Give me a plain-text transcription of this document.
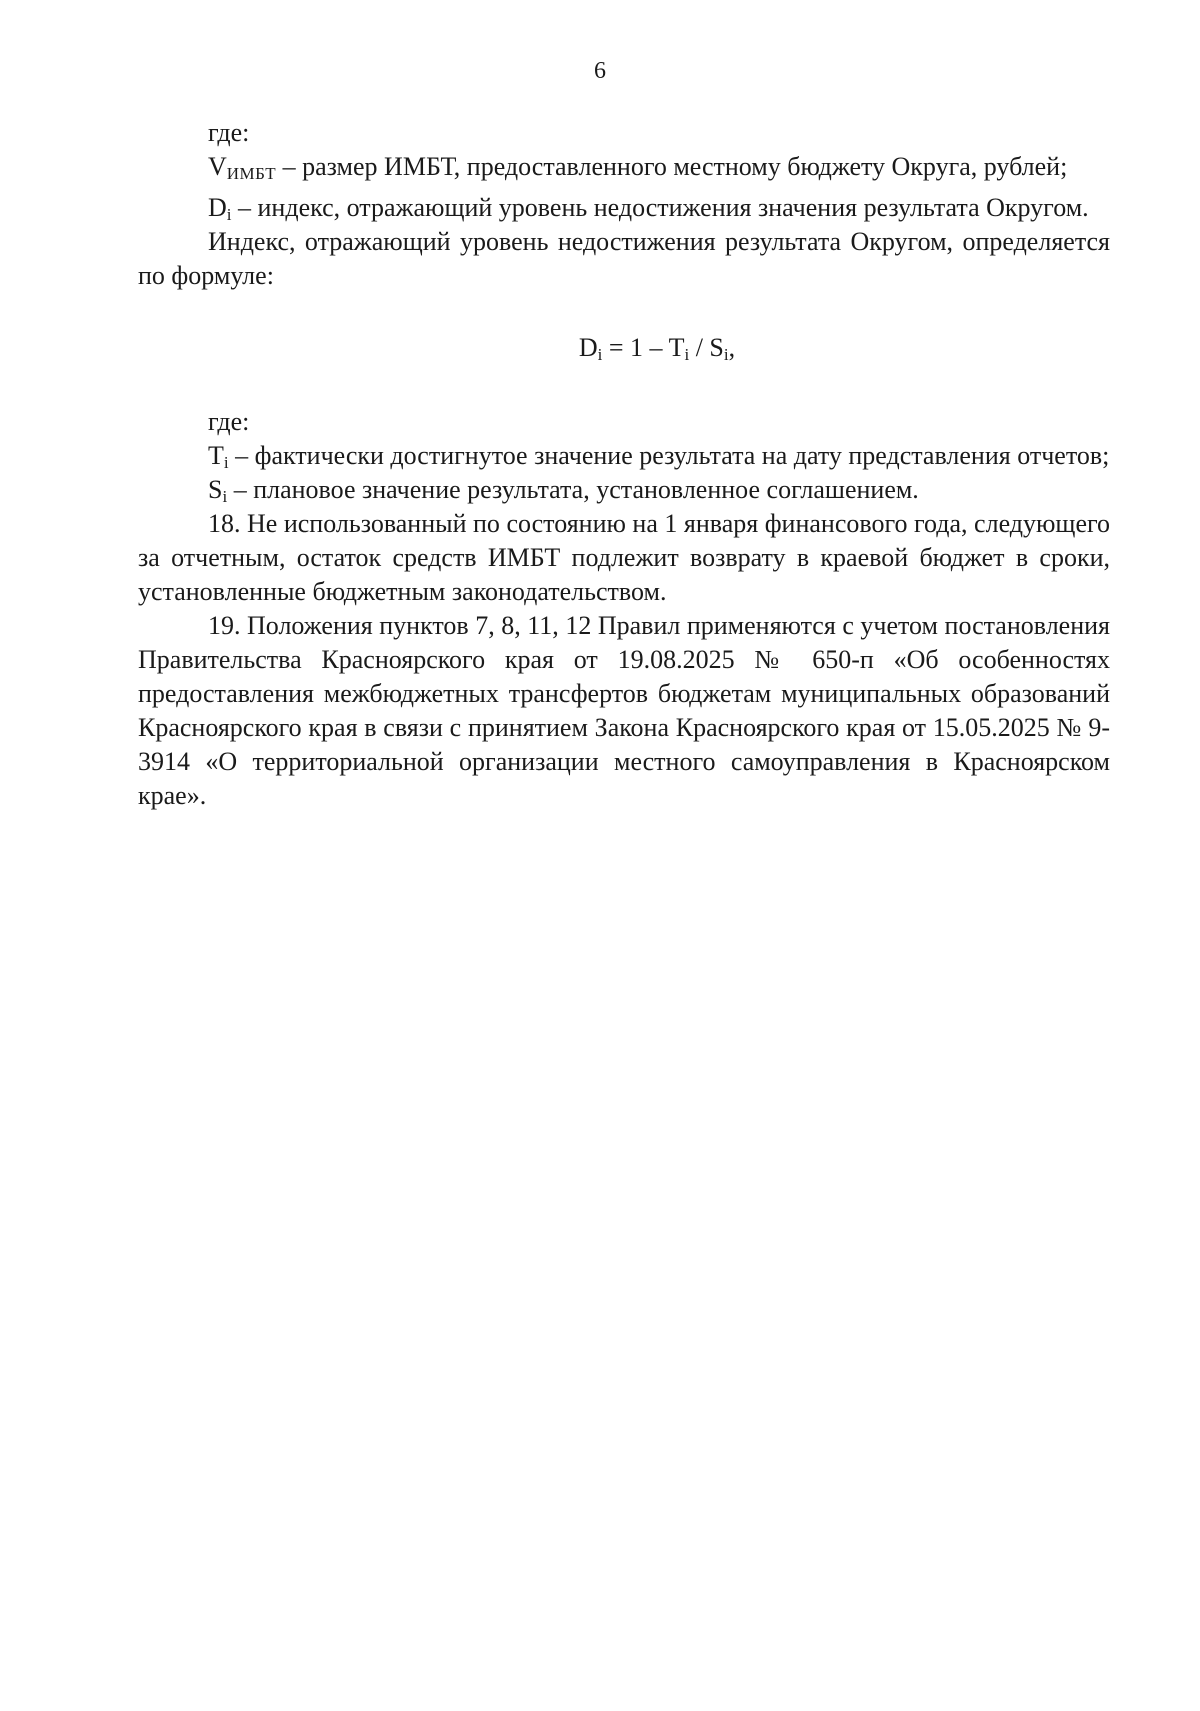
6

где:

VИМБТ – размер ИМБТ, предоставленного местному бюджету Округа, рублей;

$D_i$ – индекс, отражающий уровень недостижения значения результата Округом.

Индекс, отражающий уровень недостижения результата Округом, определяется по формуле:

$D_i = 1 - T_i / S_i$,

где:

$T_i$ – фактически достигнутое значение результата на дату представления отчетов;

$S_i$ – плановое значение результата, установленное соглашением.

18. Не использованный по состоянию на 1 января финансового года, следующего за отчетным, остаток средств ИМБТ подлежит возврату в краевой бюджет в сроки, установленные бюджетным законодательством.

19. Положения пунктов 7, 8, 11, 12 Правил применяются с учетом постановления Правительства Красноярского края от 19.08.2025 № 650-п «Об особенностях предоставления межбюджетных трансфертов бюджетам муниципальных образований Красноярского края в связи с принятием Закона Красноярского края от 15.05.2025 № 9-3914 «О территориальной организации местного самоуправления в Красноярском крае».
